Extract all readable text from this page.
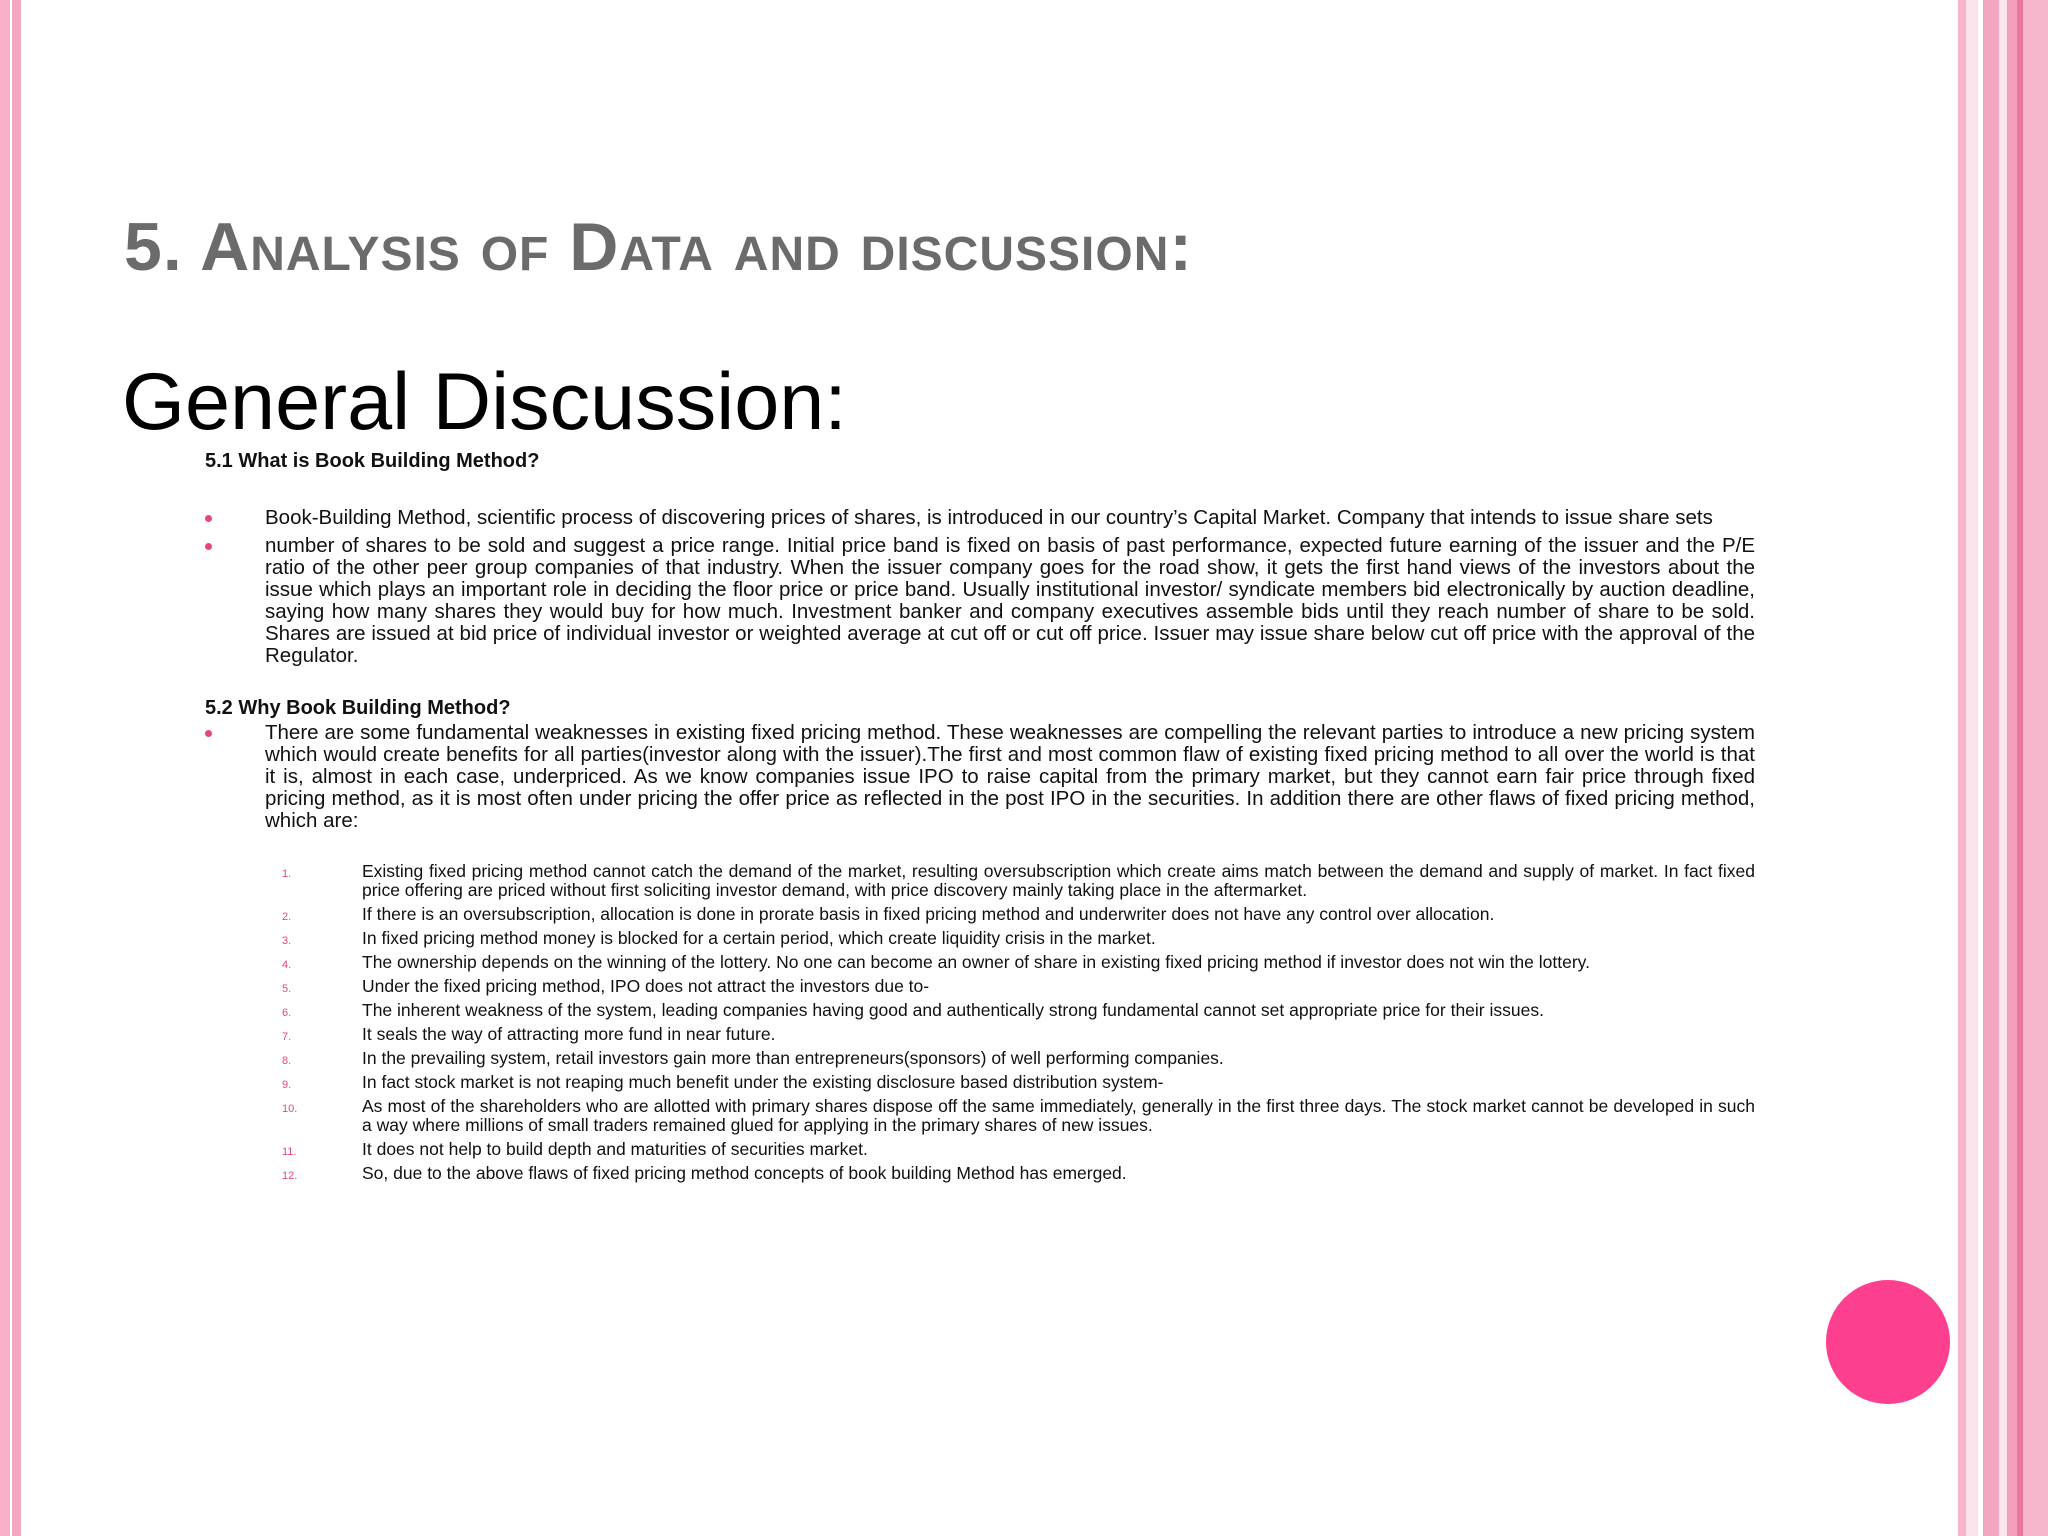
5. Analysis of Data and discussion:
General Discussion:

5.1 What is Book Building Method?

Book-Building Method, scientific process of discovering prices of shares, is introduced in our country’s Capital Market. Company that intends to issue share sets
number of shares to be sold and suggest a price range. Initial price band is fixed on basis of past performance, expected future earning of the issuer and the P/E ratio of the other peer group companies of that industry. When the issuer company goes for the road show, it gets the first hand views of the investors about the issue which plays an important role in deciding the floor price or price band. Usually institutional investor/ syndicate members bid electronically by auction deadline, saying how many shares they would buy for how much. Investment banker and company executives assemble bids until they reach number of share to be sold. Shares are issued at bid price of individual investor or weighted average at cut off or cut off price. Issuer may issue share below cut off price with the approval of the Regulator.

5.2 Why Book Building Method?

There are some fundamental weaknesses in existing fixed pricing method. These weaknesses are compelling the relevant parties to introduce a new pricing system which would create benefits for all parties(investor along with the issuer).The first and most common flaw of existing fixed pricing method to all over the world is that it is, almost in each case, underpriced. As we know companies issue IPO to raise capital from the primary market, but they cannot earn fair price through fixed pricing method, as it is most often under pricing the offer price as reflected in the post IPO in the securities. In addition there are other flaws of fixed pricing method, which are:
1.	Existing fixed pricing method cannot catch the demand of the market, resulting oversubscription which create aims match between the demand and supply of market. In fact fixed price offering are priced without first soliciting investor demand, with price discovery mainly taking place in the aftermarket.
2.	If there is an oversubscription, allocation is done in prorate basis in fixed pricing method and underwriter does not have any control over allocation.
3.	In fixed pricing method money is blocked for a certain period, which create liquidity crisis in the market.
4.	The ownership depends on the winning of the lottery. No one can become an owner of share in existing fixed pricing method if investor does not win the lottery.
5.	Under the fixed pricing method, IPO does not attract the investors due to-
6.	The inherent weakness of the system, leading companies having good and authentically strong fundamental cannot set appropriate price for their issues.
7.	It seals the way of attracting more fund in near future.
8.	In the prevailing system, retail investors gain more than entrepreneurs(sponsors) of well performing companies.
9.	In fact stock market is not reaping much benefit under the existing disclosure based distribution system-
10.	As most of the shareholders who are allotted with primary shares dispose off the same immediately, generally in the first three days. The stock market cannot be developed in such a way where millions of small traders remained glued for applying in the primary shares of new issues.
11.	It does not help to build depth and maturities of securities market.
12.	So, due to the above flaws of fixed pricing method concepts of book building Method has emerged.
